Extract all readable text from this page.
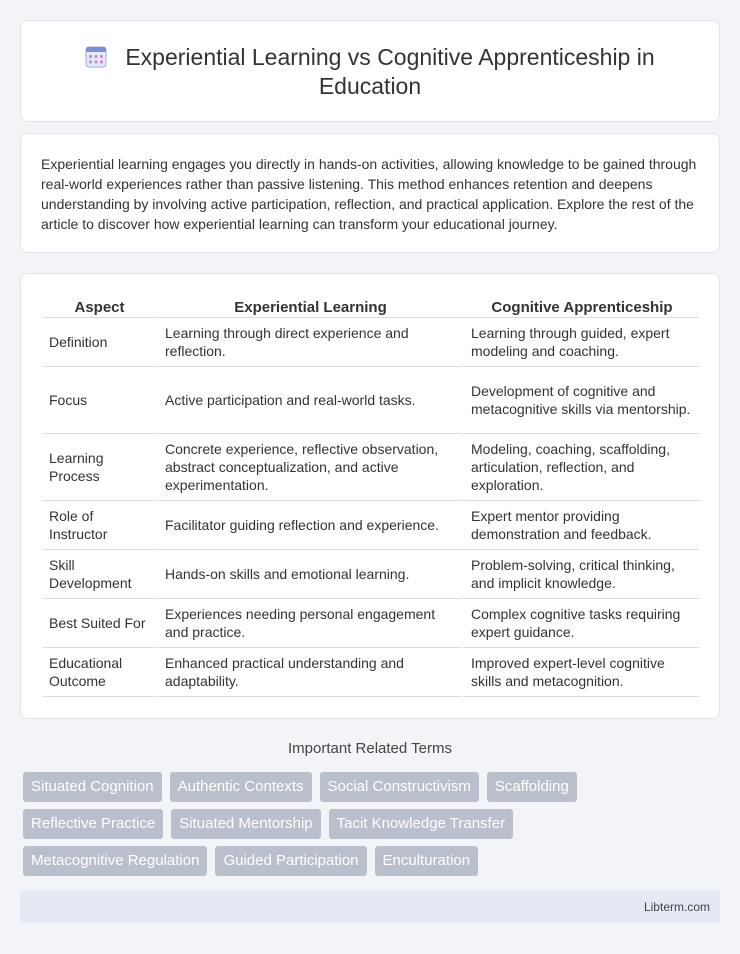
Experiential Learning vs Cognitive Apprenticeship in Education

Experiential learning engages you directly in hands-on activities, allowing knowledge to be gained through real-world experiences rather than passive listening. This method enhances retention and deepens understanding by involving active participation, reflection, and practical application. Explore the rest of the article to discover how experiential learning can transform your educational journey.

Aspect	Experiential Learning	Cognitive Apprenticeship
Definition	Learning through direct experience and reflection.	Learning through guided, expert modeling and coaching.
Focus	Active participation and real-world tasks.	Development of cognitive and metacognitive skills via mentorship.
Learning Process	Concrete experience, reflective observation, abstract conceptualization, and active experimentation.	Modeling, coaching, scaffolding, articulation, reflection, and exploration.
Role of Instructor	Facilitator guiding reflection and experience.	Expert mentor providing demonstration and feedback.
Skill Development	Hands-on skills and emotional learning.	Problem-solving, critical thinking, and implicit knowledge.
Best Suited For	Experiences needing personal engagement and practice.	Complex cognitive tasks requiring expert guidance.
Educational Outcome	Enhanced practical understanding and adaptability.	Improved expert-level cognitive skills and metacognition.
Important Related Terms
Situated Cognition	Authentic Contexts	Social Constructivism	Scaffolding
Reflective Practice	Situated Mentorship	Tacit Knowledge Transfer
Metacognitive Regulation	Guided Participation	Enculturation
Libterm.com
